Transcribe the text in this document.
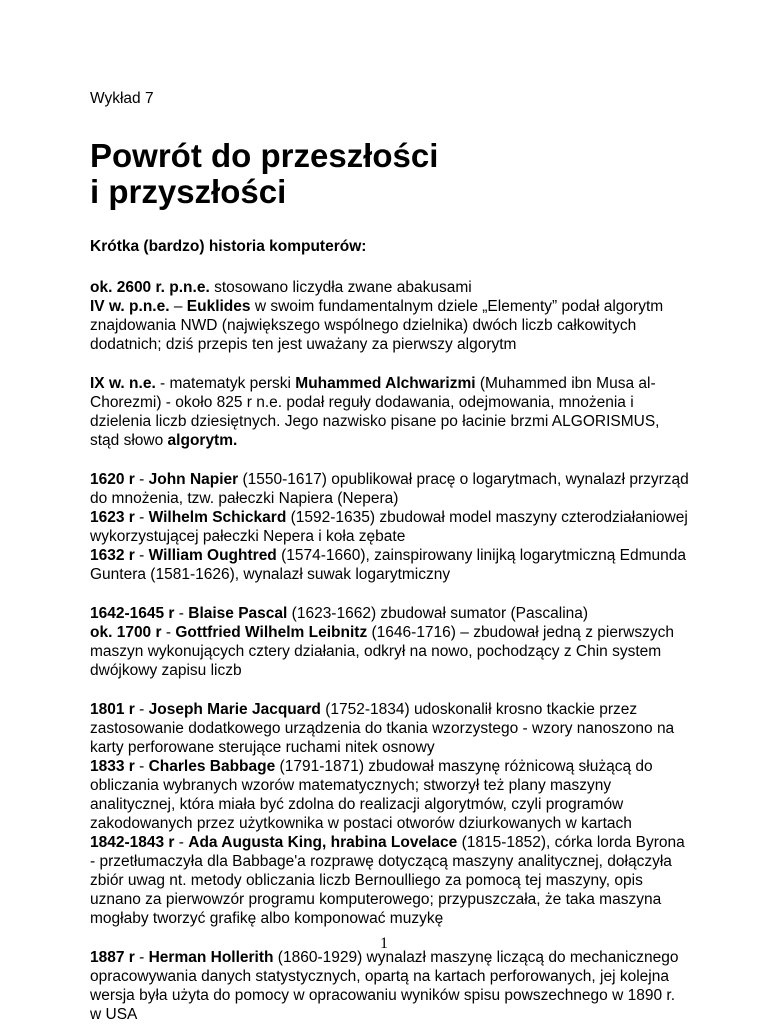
Wykład 7

Powrót do przeszłości
i przyszłości

Krótka (bardzo) historia komputerów:

ok. 2600 r. p.n.e. stosowano liczydła zwane abakusami
IV w. p.n.e. – Euklides w swoim fundamentalnym dziele „Elementy” podał algorytm znajdowania NWD (największego wspólnego dzielnika) dwóch liczb całkowitych dodatnich; dziś przepis ten jest uważany za pierwszy algorytm

IX w. n.e. - matematyk perski Muhammed Alchwarizmi (Muhammed ibn Musa al-Chorezmi) - około 825 r n.e. podał reguły dodawania, odejmowania, mnożenia i dzielenia liczb dziesiętnych. Jego nazwisko pisane po łacinie brzmi ALGORISMUS, stąd słowo algorytm.

1620 r - John Napier (1550-1617) opublikował pracę o logarytmach, wynalazł przyrząd do mnożenia, tzw. pałeczki Napiera (Nepera)
1623 r - Wilhelm Schickard (1592-1635) zbudował model maszyny czterodziałaniowej wykorzystującej pałeczki Nepera i koła zębate
1632 r - William Oughtred (1574-1660), zainspirowany linijką logarytmiczną Edmunda Guntera (1581-1626), wynalazł suwak logarytmiczny

1642-1645 r - Blaise Pascal (1623-1662) zbudował sumator (Pascalina)
ok. 1700 r - Gottfried Wilhelm Leibnitz (1646-1716) – zbudował jedną z pierwszych maszyn wykonujących cztery działania, odkrył na nowo, pochodzący z Chin system dwójkowy zapisu liczb

1801 r - Joseph Marie Jacquard (1752-1834) udoskonalił krosno tkackie przez zastosowanie dodatkowego urządzenia do tkania wzorzystego - wzory nanoszono na karty perforowane sterujące ruchami nitek osnowy
1833 r - Charles Babbage (1791-1871) zbudował maszynę różnicową służącą do obliczania wybranych wzorów matematycznych; stworzył też plany maszyny analitycznej, która miała być zdolna do realizacji algorytmów, czyli programów zakodowanych przez użytkownika w postaci otworów dziurkowanych w kartach
1842-1843 r - Ada Augusta King, hrabina Lovelace (1815-1852), córka lorda Byrona - przetłumaczyła dla Babbage'a rozprawę dotyczącą maszyny analitycznej, dołączyła zbiór uwag nt. metody obliczania liczb Bernoulliego za pomocą tej maszyny, opis uznano za pierwowzór programu komputerowego; przypuszczała, że taka maszyna mogłaby tworzyć grafikę albo komponować muzykę

1887 r - Herman Hollerith (1860-1929) wynalazł maszynę liczącą do mechanicznego opracowywania danych statystycznych, opartą na kartach perforowanych, jej kolejna wersja była użyta do pomocy w opracowaniu wyników spisu powszechnego w 1890 r. w USA

1
